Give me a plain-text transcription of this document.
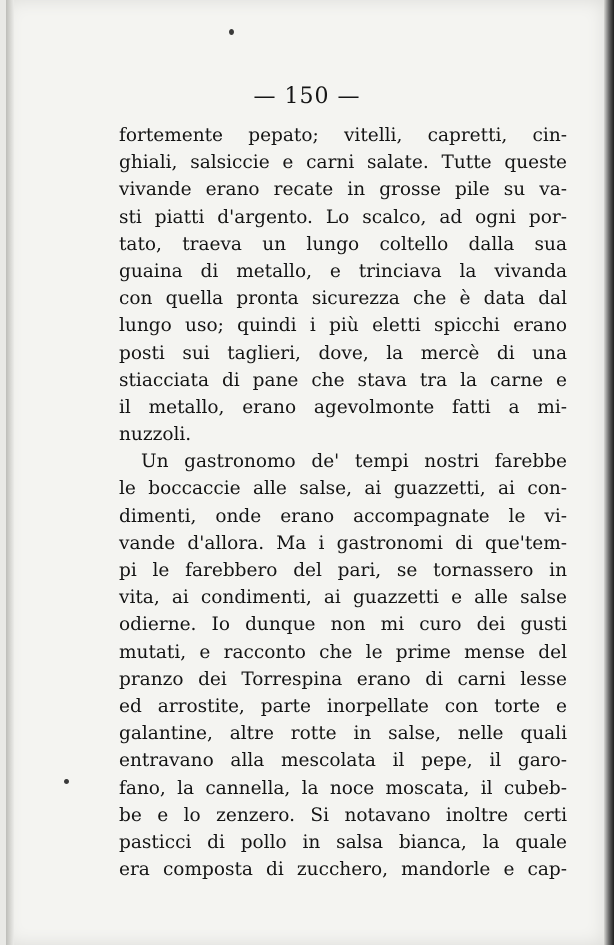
— 150 —
fortemente pepato; vitelli, capretti, cin-
ghiali, salsiccie e carni salate. Tutte queste
vivande erano recate in grosse pile su va-
sti piatti d'argento. Lo scalco, ad ogni por-
tato, traeva un lungo coltello dalla sua
guaina di metallo, e trinciava la vivanda
con quella pronta sicurezza che è data dal
lungo uso; quindi i più eletti spicchi erano
posti sui taglieri, dove, la mercè di una
stiacciata di pane che stava tra la carne e
il metallo, erano agevolmonte fatti a mi-
nuzzoli.
Un gastronomo de' tempi nostri farebbe
le boccaccie alle salse, ai guazzetti, ai con-
dimenti, onde erano accompagnate le vi-
vande d'allora. Ma i gastronomi di que'tem-
pi le farebbero del pari, se tornassero in
vita, ai condimenti, ai guazzetti e alle salse
odierne. Io dunque non mi curo dei gusti
mutati, e racconto che le prime mense del
pranzo dei Torrespina erano di carni lesse
ed arrostite, parte inorpellate con torte e
galantine, altre rotte in salse, nelle quali
entravano alla mescolata il pepe, il garo-
fano, la cannella, la noce moscata, il cubeb-
be e lo zenzero. Si notavano inoltre certi
pasticci di pollo in salsa bianca, la quale
era composta di zucchero, mandorle e cap-
